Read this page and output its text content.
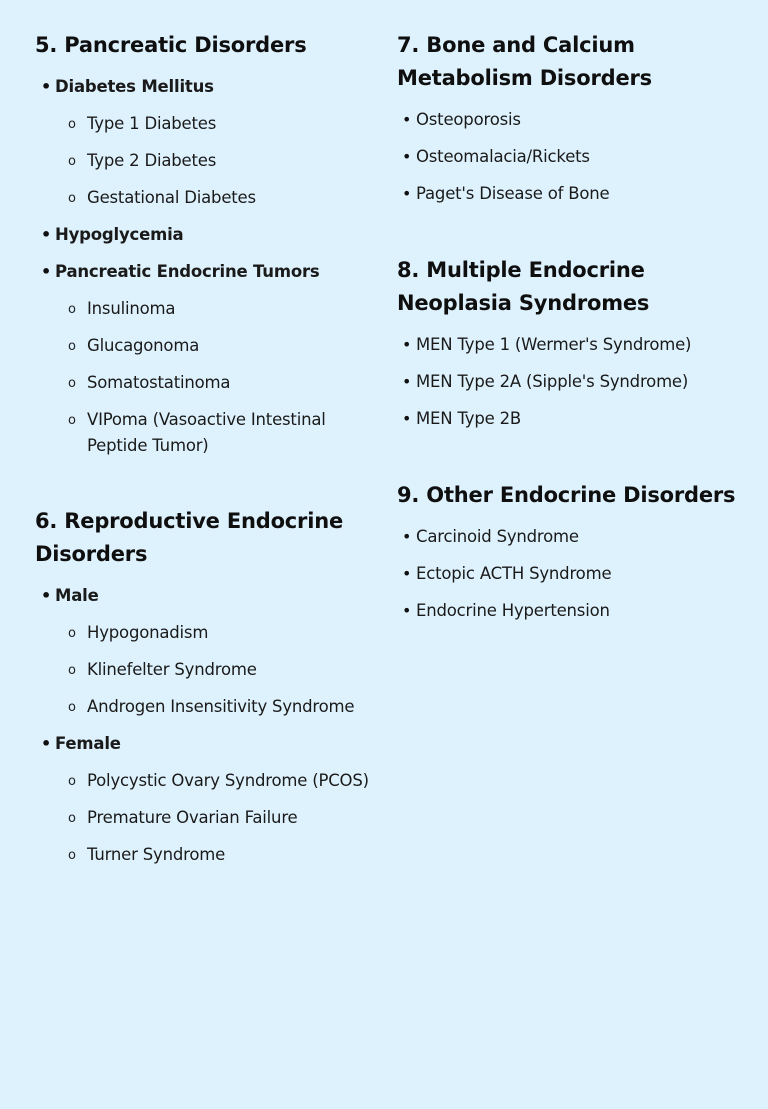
5. Pancreatic Disorders

• Diabetes Mellitus

o Type 1 Diabetes

o Type 2 Diabetes

o Gestational Diabetes

• Hypoglycemia

• Pancreatic Endocrine Tumors

o Insulinoma

o Glucagonoma

o Somatostatinoma

o VIPoma (Vasoactive Intestinal
Peptide Tumor)

6. Reproductive Endocrine
Disorders

• Male

o Hypogonadism

o Klinefelter Syndrome

o Androgen Insensitivity Syndrome

• Female

o Polycystic Ovary Syndrome (PCOS)

o Premature Ovarian Failure

o Turner Syndrome

7. Bone and Calcium
Metabolism Disorders

• Osteoporosis

• Osteomalacia/Rickets

• Paget's Disease of Bone

8. Multiple Endocrine
Neoplasia Syndromes

• MEN Type 1 (Wermer's Syndrome)

• MEN Type 2A (Sipple's Syndrome)

• MEN Type 2B

9. Other Endocrine Disorders

• Carcinoid Syndrome

• Ectopic ACTH Syndrome

• Endocrine Hypertension
